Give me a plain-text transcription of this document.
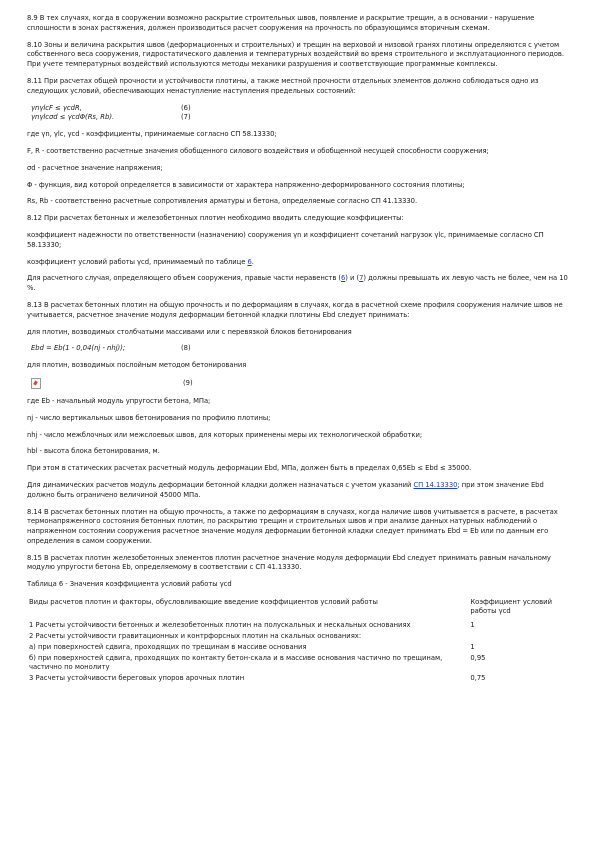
8.9 В тех случаях, когда в сооружении возможно раскрытие строительных швов, появление и раскрытие трещин, а в основании - нарушение сплошности в зонах растяжения, должен производиться расчет сооружения на прочность по образующимся вторичным схемам.

8.10 Зоны и величина раскрытия швов (деформационных и строительных) и трещин на верховой и низовой гранях плотины определяются с учетом собственного веса сооружения, гидростатического давления и температурных воздействий во время строительного и эксплуатационного периодов. При учете температурных воздействий используются методы механики разрушения и соответствующие программные комплексы.

8.11 При расчетах общей прочности и устойчивости плотины, а также местной прочности отдельных элементов должно соблюдаться одно из следующих условий, обеспечивающих ненаступление наступления предельных состояний:

γnγlcF ≤ γcdR,	(6)
γnγlcσd ≤ γcdΦ(Rs, Rb).	(7)

где γn, γlc, γcd - коэффициенты, принимаемые согласно СП 58.13330;

F, R - соответственно расчетные значения обобщенного силового воздействия и обобщенной несущей способности сооружения;

σd - расчетное значение напряжения;

Φ - функция, вид которой определяется в зависимости от характера напряженно-деформированного состояния плотины;

Rs, Rb - соответственно расчетные сопротивления арматуры и бетона, определяемые согласно СП 41.13330.

8.12 При расчетах бетонных и железобетонных плотин необходимо вводить следующие коэффициенты:

коэффициент надежности по ответственности (назначению) сооружения γn и коэффициент сочетаний нагрузок γlc, принимаемые согласно СП 58.13330;

коэффициент условий работы γcd, принимаемый по таблице 6.

Для расчетного случая, определяющего объем сооружения, правые части неравенств (6) и (7) должны превышать их левую часть не более, чем на 10 %.

8.13 В расчетах бетонных плотин на общую прочность и по деформациям в случаях, когда в расчетной схеме профиля сооружения наличие швов не учитывается, расчетное значение модуля деформации бетонной кладки плотины Ebd следует принимать:

для плотин, возводимых столбчатыми массивами или с перевязкой блоков бетонирования

Ebd = Eb(1 - 0,04(nj - nhj));	(8)

для плотин, возводимых послойным методом бетонирования

(9)

где Eb - начальный модуль упругости бетона, МПа;

nj - число вертикальных швов бетонирования по профилю плотины;

nhj - число межблочных или межслоевых швов, для которых применены меры их технологической обработки;

hbl - высота блока бетонирования, м.

При этом в статических расчетах расчетный модуль деформации Ebd, МПа, должен быть в пределах 0,65Eb ≤ Ebd ≤ 35000.

Для динамических расчетов модуль деформации бетонной кладки должен назначаться с учетом указаний СП 14.13330; при этом значение Ebd должно быть ограничено величиной 45000 МПа.

8.14 В расчетах бетонных плотин на общую прочность, а также по деформациям в случаях, когда наличие швов учитывается в расчете, в расчетах термонапряженного состояния бетонных плотин, по раскрытию трещин и строительных швов и при анализе данных натурных наблюдений о напряженном состоянии сооружения расчетное значение модуля деформации бетонной кладки следует принимать Ebd = Eb или по данным его определения в самом сооружении.

8.15 В расчетах плотин железобетонных элементов плотин расчетное значение модуля деформации Ebd следует принимать равным начальному модулю упругости бетона Eb, определяемому в соответствии с СП 41.13330.

Таблица 6 - Значения коэффициента условий работы γcd

Виды расчетов плотин и факторы, обусловливающие введение коэффициентов условий работы	Коэффициент условий работы γcd
1 Расчеты устойчивости бетонных и железобетонных плотин на полускальных и нескальных основаниях	1
2 Расчеты устойчивости гравитационных и контрфорсных плотин на скальных основаниях:	
а) при поверхностей сдвига, проходящих по трещинам в массиве основания	1
б) при поверхностей сдвига, проходящих по контакту бетон-скала и в массиве основания частично по трещинам, частично по монолиту	0,95
3 Расчеты устойчивости береговых упоров арочных плотин	0,75
